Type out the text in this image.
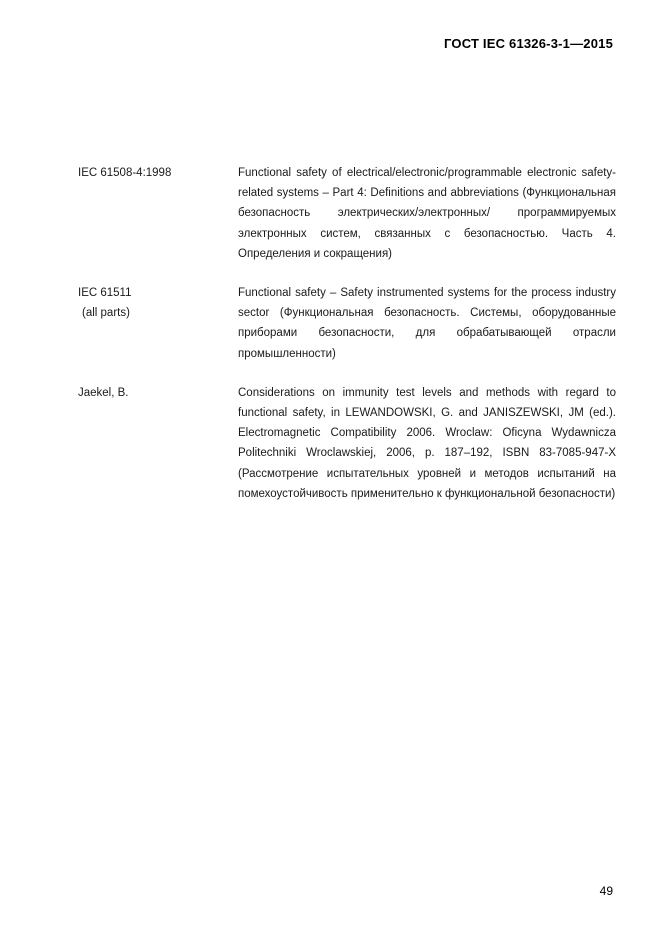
ГОСТ IEC 61326-3-1—2015
IEC 61508-4:1998	Functional safety of electrical/electronic/programmable electronic safety-related systems – Part 4: Definitions and abbreviations (Функциональная безопасность электрических/электронных/ программируемых электронных систем, связанных с безопасностью. Часть 4. Определения и сокращения)
IEC 61511
(all parts)
Functional safety – Safety instrumented systems for the process industry sector (Функциональная безопасность. Системы, оборудованные приборами безопасности, для обрабатывающей отрасли промышленности)
Jaekel, B.	Considerations on immunity test levels and methods with regard to functional safety, in LEWANDOWSKI, G. and JANISZEWSKI, JM (ed.). Electromagnetic Compatibility 2006. Wroclaw: Oficyna Wydawnicza Politechniki Wroclawskiej, 2006, p. 187–192, ISBN 83-7085-947-X (Рассмотрение испытательных уровней и методов испытаний на помехоустойчивость применительно к функциональной безопасности)
49
